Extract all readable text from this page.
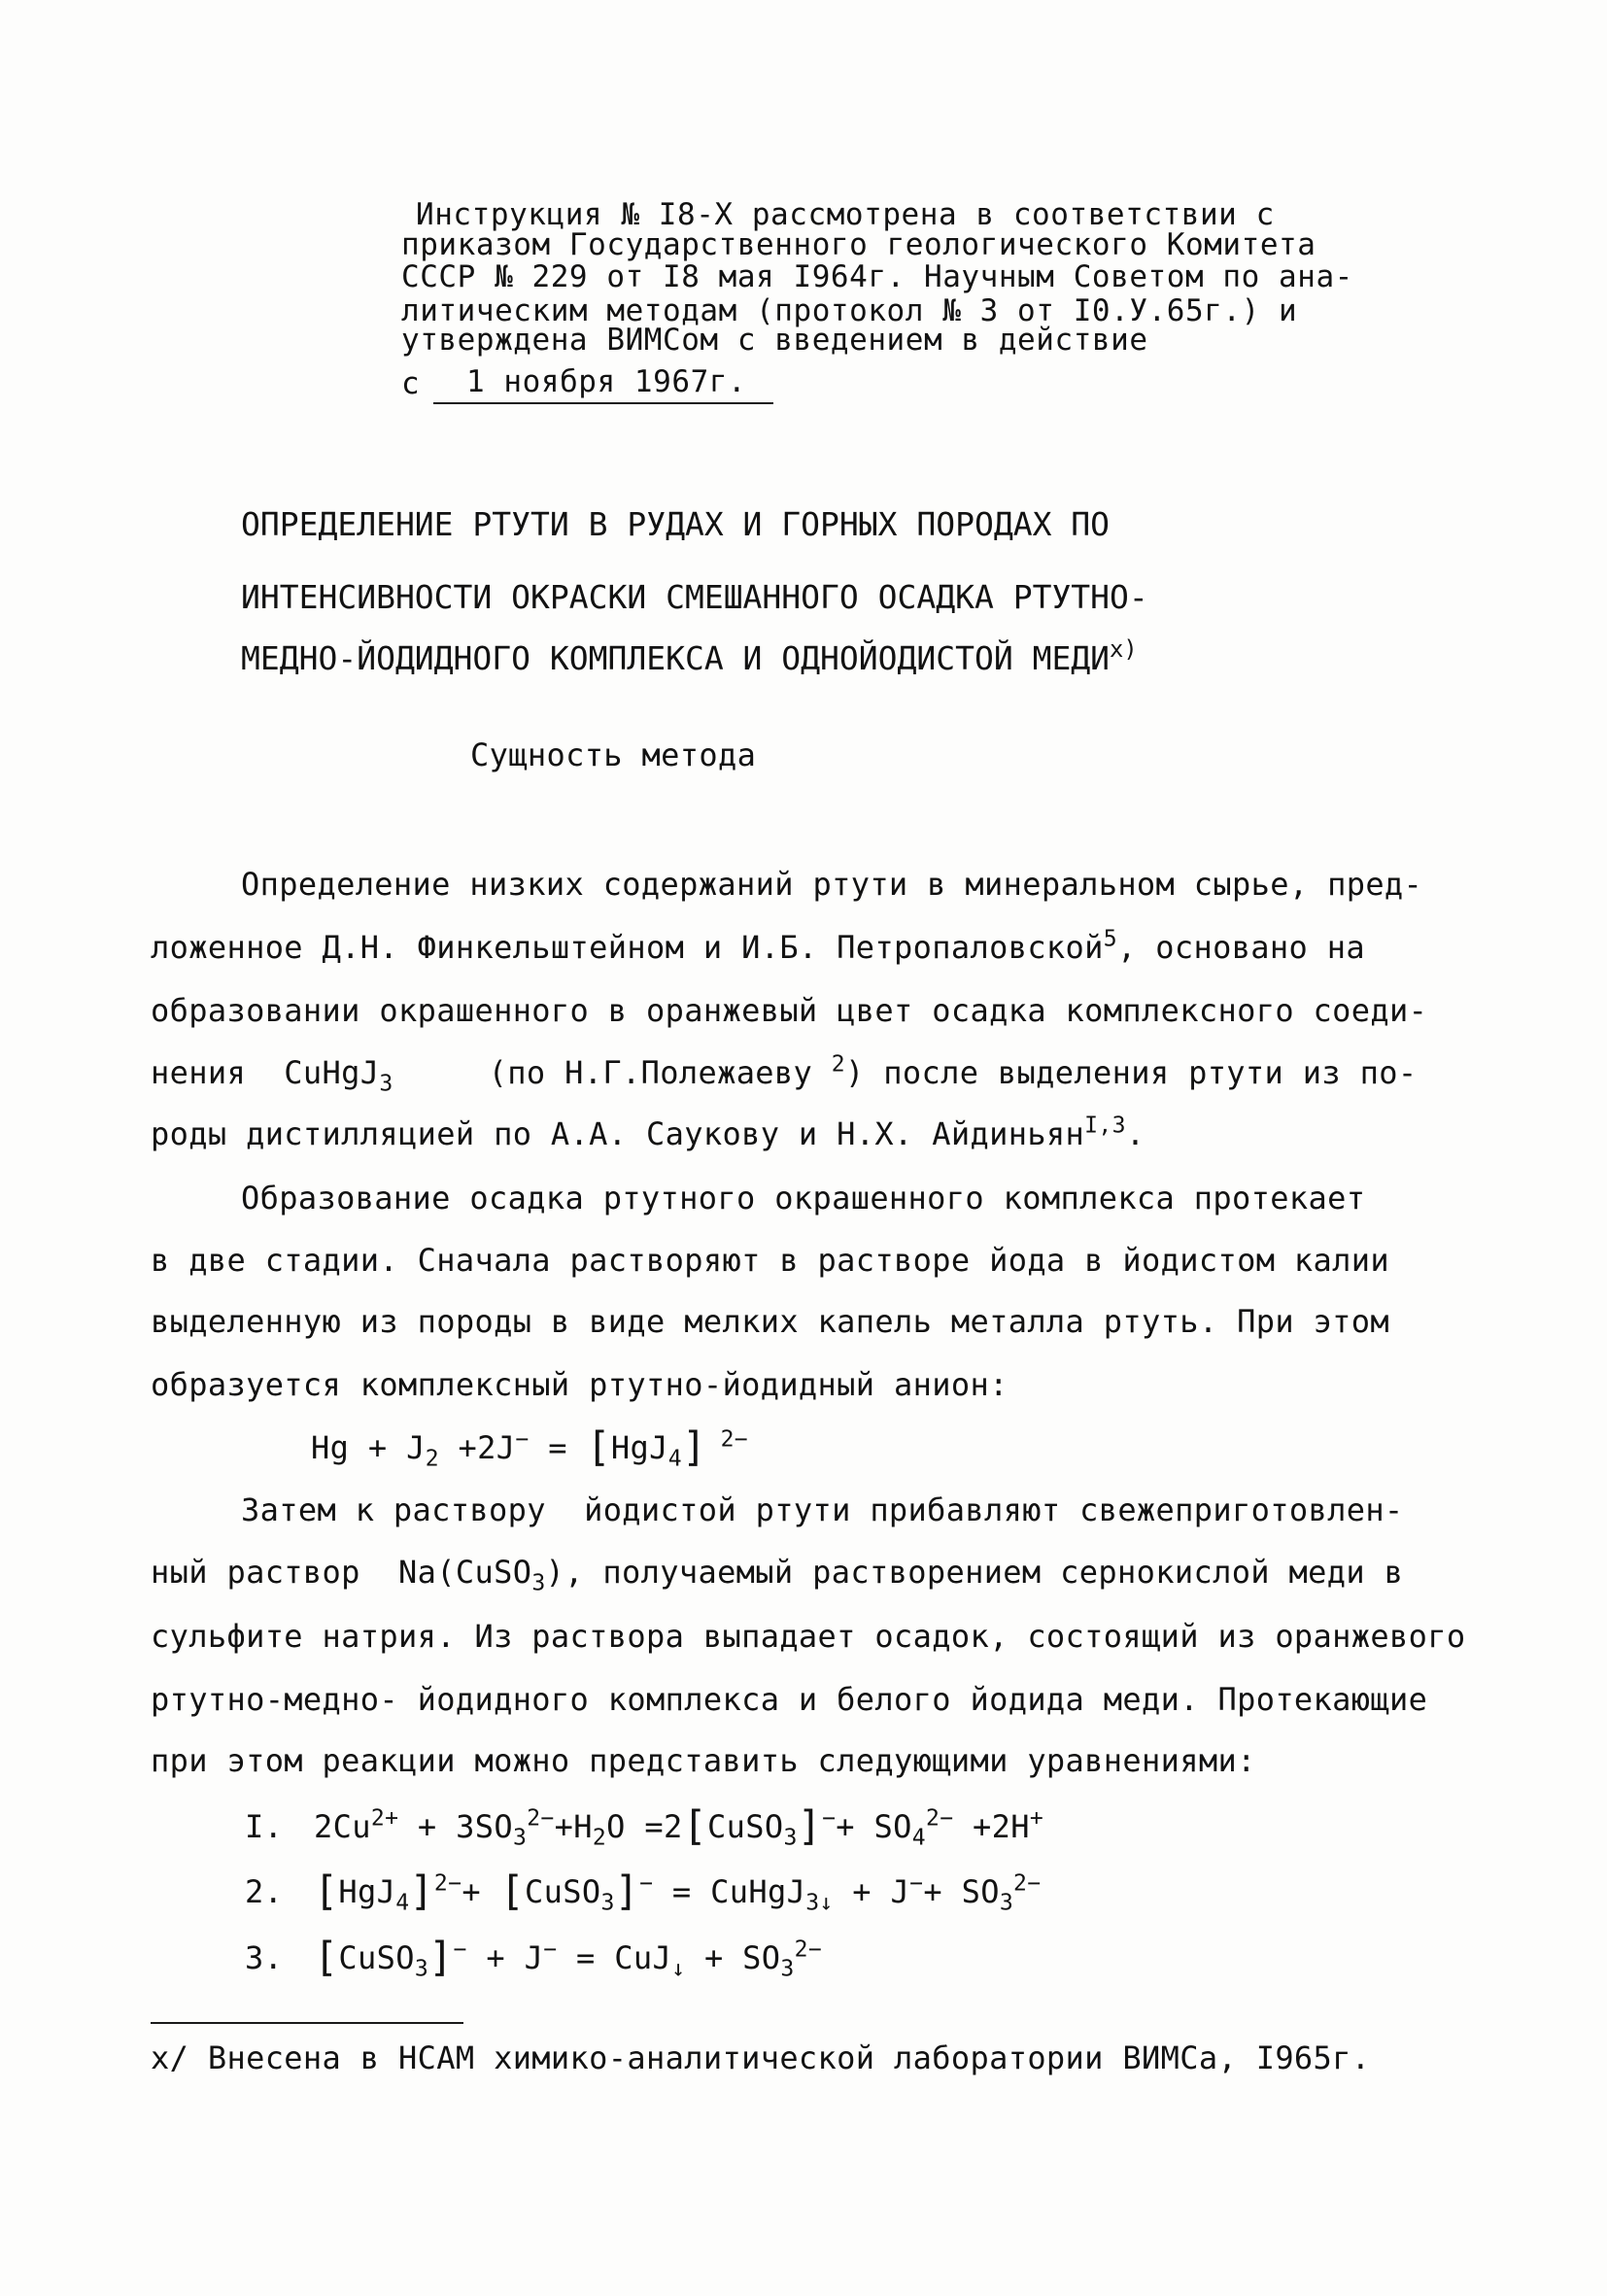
Инструкция № I8-Х рассмотрена в соответствии с
приказом Государственного геологического Комитета
СССР № 229 от I8 мая I964г. Научным Советом по ана-
литическим методам (протокол № 3 от I0.У.65г.) и
утверждена ВИМСом с введением в действие
с 1 ноября 1967г.
ОПРЕДЕЛЕНИЕ РТУТИ В РУДАХ И ГОРНЫХ ПОРОДАХ ПО
ИНТЕНСИВНОСТИ ОКРАСКИ СМЕШАННОГО ОСАДКА РТУТНО-
МЕДНО-ЙОДИДНОГО КОМПЛЕКСА И ОДНОЙОДИСТОЙ $МЕДИ^{х)}$
Сущность метода
Определение низких содержаний ртути в минеральном сырье, пред-
ложенное Д.Н. Финкельштейном и И.Б. Петропаловской$^5$, основано на
образовании окрашенного в оранжевый цвет осадка комплексного соеди-
нения  CuHgJ$_3$     (по Н.Г.Полежаеву $^2$) после выделения ртути из по-
роды дистилляцией по А.А. Саукову и Н.Х. Айдиньян$^{I,3}$.
Образование осадка ртутного окрашенного комплекса протекает
в две стадии. Сначала растворяют в растворе йода в йодистом калии
выделенную из породы в виде мелких капель металла ртуть. При этом
образуется комплексный ртутно-йодидный анион:
$Hg + J_2 +2J^- = [HgJ_4]$ $^{2-}$
Затем к раствору  йодистой ртути прибавляют свежеприготовлен-
ный раствор  Na(CuSO$_3$), получаемый растворением сернокислой меди в
сульфите натрия. Из раствора выпадает осадок, состоящий из оранжевого
ртутно-медно- йодидного комплекса и белого йодида меди. Протекающие
при этом реакции можно представить следующими уравнениями:
I. $2Cu^{2+} + 3SO_3^{2-}+H_2O$ =2[CuSO$_3$]−+ $SO_4^{2-} +2H^+$
2. $[HgJ_4]^{2-}+$ [CuSO$_3$]− = CuHgJ$_{3↓}$ + $J^-+ SO_3^{2-}$
3. [CuSO$_3$]− + $J^- = CuJ_↓ + SO_3^{2-}$
х/ Внесена в НСАМ химико-аналитической лаборатории ВИМСа, I965г.
